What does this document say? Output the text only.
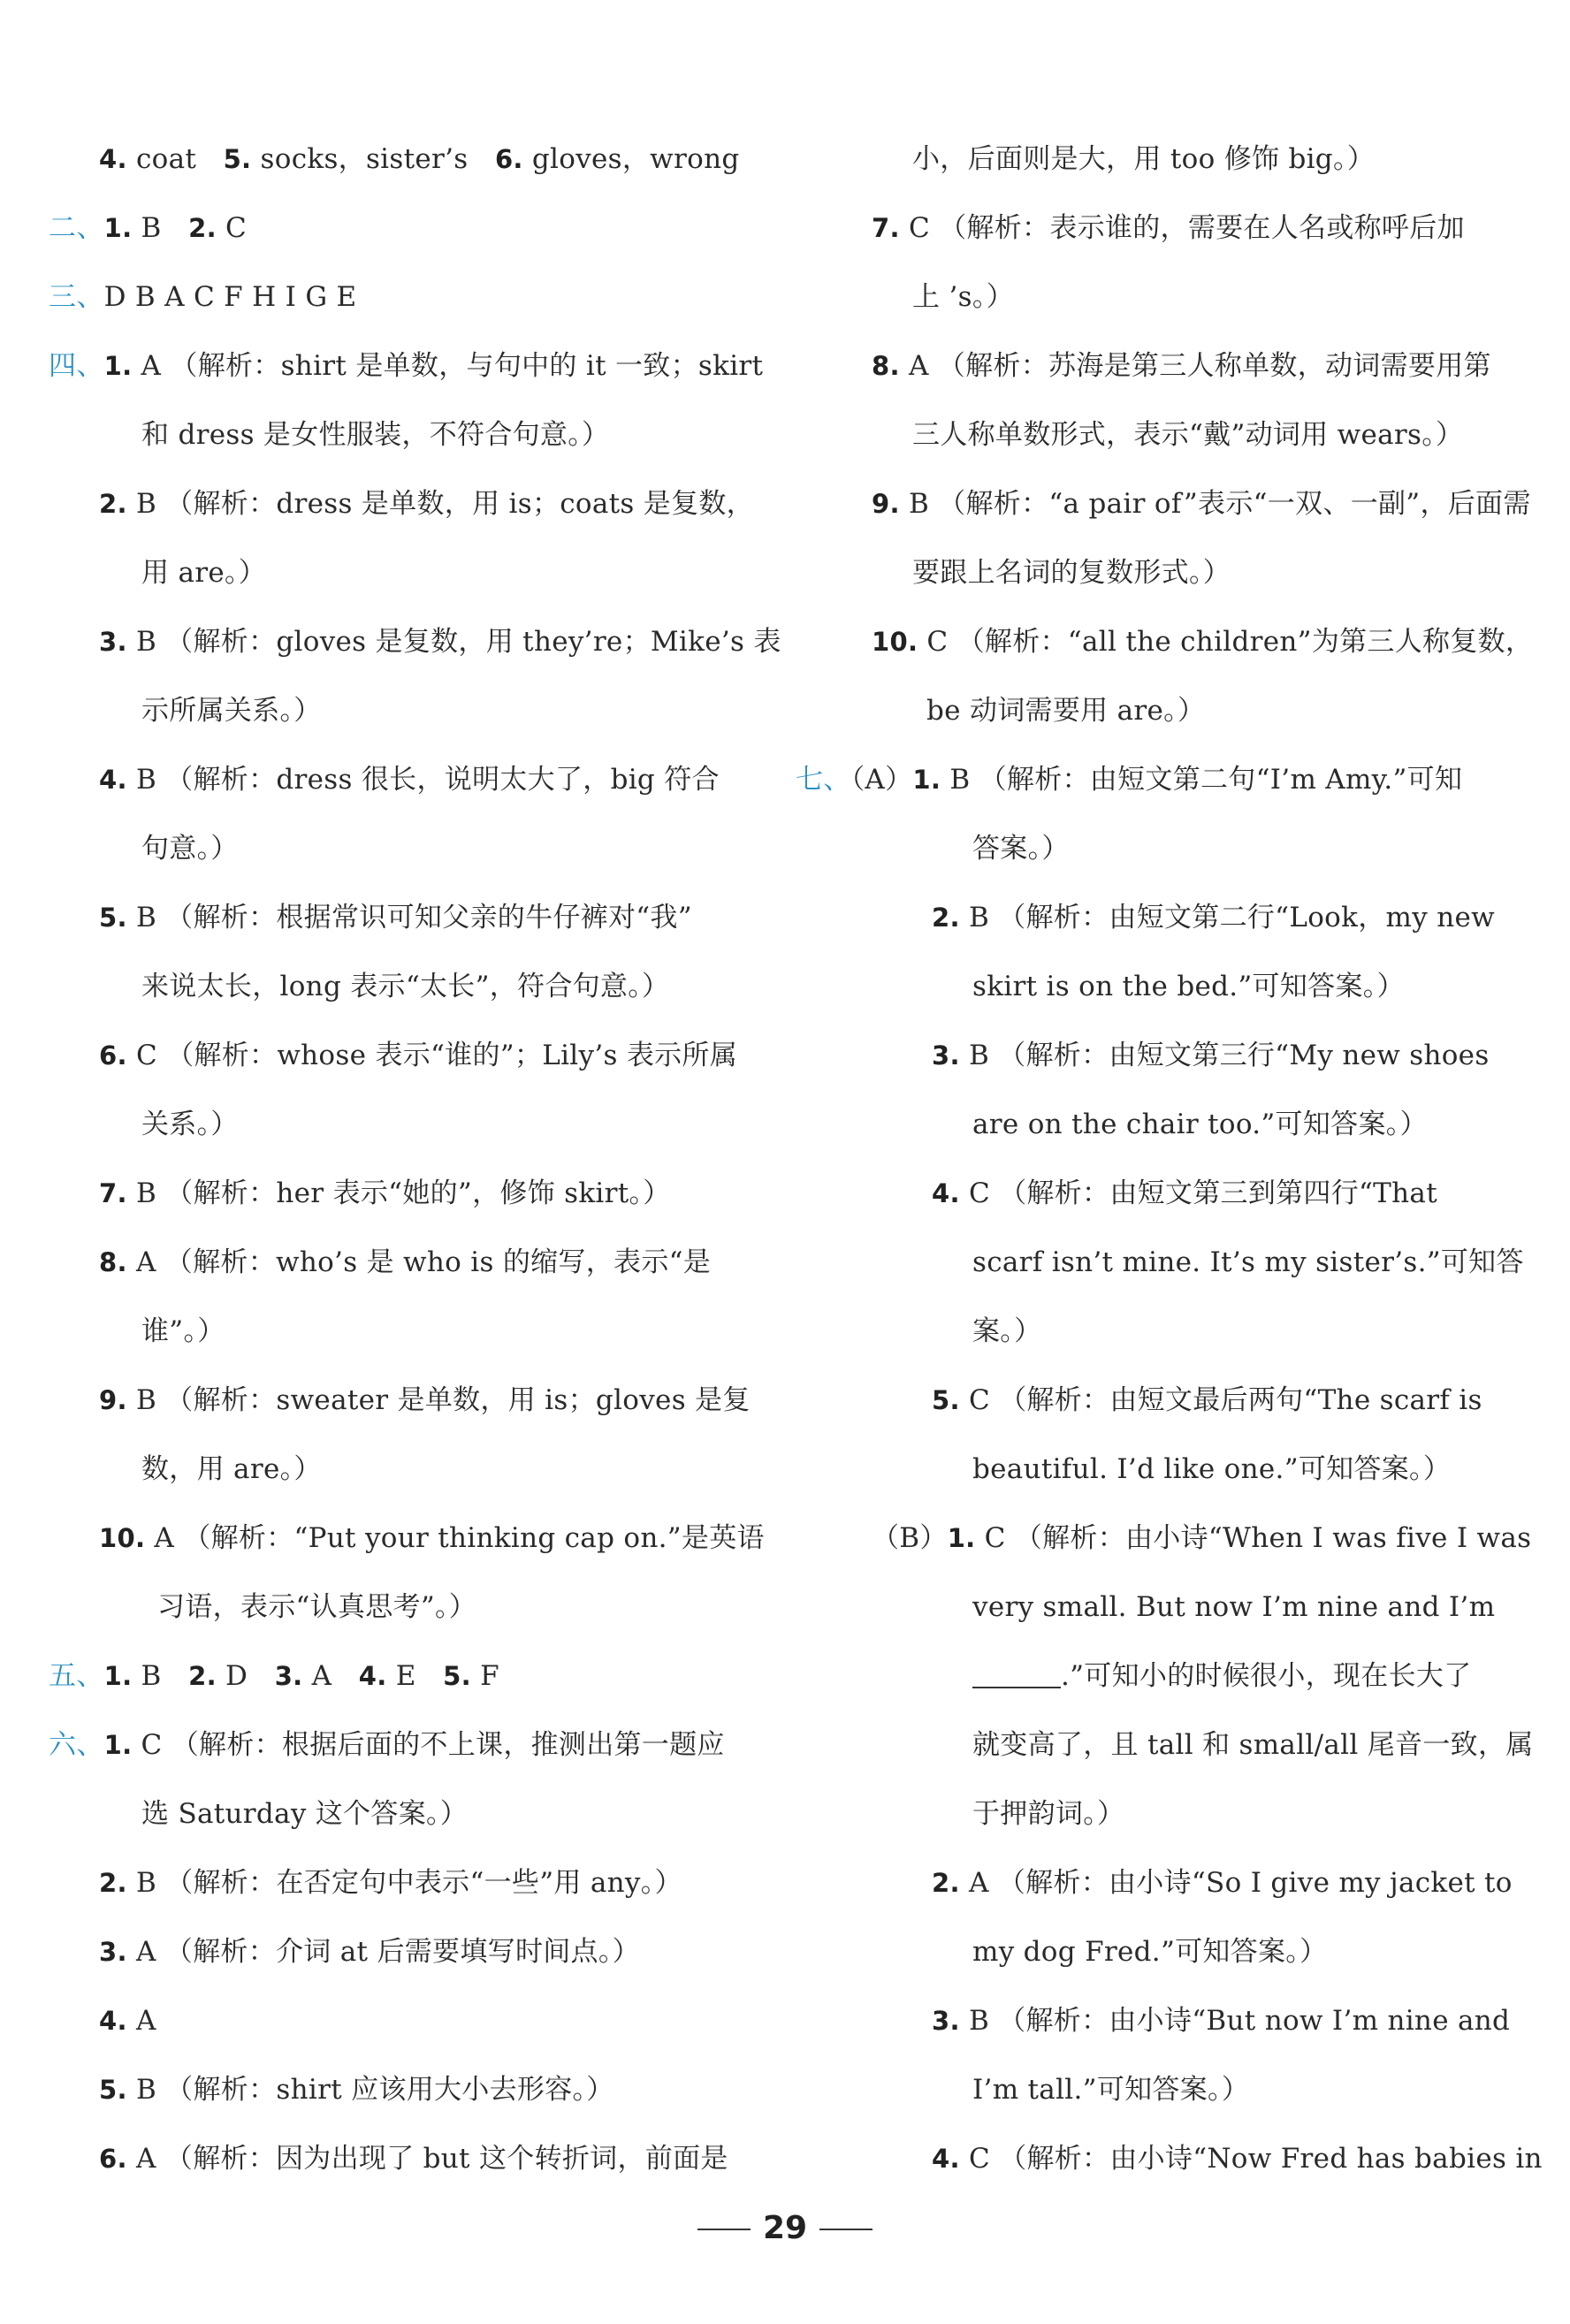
4. coat   5. socks，sister’s   6. gloves，wrong
二、1. B   2. C
三、D B A C F H I G E
四、1. A （解析：shirt 是单数，与句中的 it 一致；skirt
和 dress 是女性服装，不符合句意。）
2. B （解析：dress 是单数，用 is；coats 是复数，
用 are。）
3. B （解析：gloves 是复数，用 they’re；Mike’s 表
示所属关系。）
4. B （解析：dress 很长，说明太大了，big 符合
句意。）
5. B （解析：根据常识可知父亲的牛仔裤对“我”
来说太长，long 表示“太长”，符合句意。）
6. C （解析：whose 表示“谁的”；Lily’s 表示所属
关系。）
7. B （解析：her 表示“她的”，修饰 skirt。）
8. A （解析：who’s 是 who is 的缩写，表示“是
谁”。）
9. B （解析：sweater 是单数，用 is；gloves 是复
数，用 are。）
10. A （解析：“Put your thinking cap on.”是英语
习语，表示“认真思考”。）
五、1. B   2. D   3. A   4. E   5. F
六、1. C （解析：根据后面的不上课，推测出第一题应
选 Saturday 这个答案。）
2. B （解析：在否定句中表示“一些”用 any。）
3. A （解析：介词 at 后需要填写时间点。）
4. A
5. B （解析：shirt 应该用大小去形容。）
6. A （解析：因为出现了 but 这个转折词，前面是
小，后面则是大，用 too 修饰 big。）
7. C （解析：表示谁的，需要在人名或称呼后加
上 ’s。）
8. A （解析：苏海是第三人称单数，动词需要用第
三人称单数形式，表示“戴”动词用 wears。）
9. B （解析：“a pair of”表示“一双、一副”，后面需
要跟上名词的复数形式。）
10. C （解析：“all the children”为第三人称复数，
be 动词需要用 are。）
七、（A）1. B （解析：由短文第二句“I’m Amy.”可知
答案。）
2. B （解析：由短文第二行“Look，my new
skirt is on the bed.”可知答案。）
3. B （解析：由短文第三行“My new shoes
are on the chair too.”可知答案。）
4. C （解析：由短文第三到第四行“That
scarf isn’t mine. It’s my sister’s.”可知答
案。）
5. C （解析：由短文最后两句“The scarf is
beautiful. I’d like one.”可知答案。）
（B）1. C （解析：由小诗“When I was five I was
very small. But now I’m nine and I’m
.”可知小的时候很小，现在长大了
就变高了，且 tall 和 small/all 尾音一致，属
于押韵词。）
2. A （解析：由小诗“So I give my jacket to
my dog Fred.”可知答案。）
3. B （解析：由小诗“But now I’m nine and
I’m tall.”可知答案。）
4. C （解析：由小诗“Now Fred has babies in
29
